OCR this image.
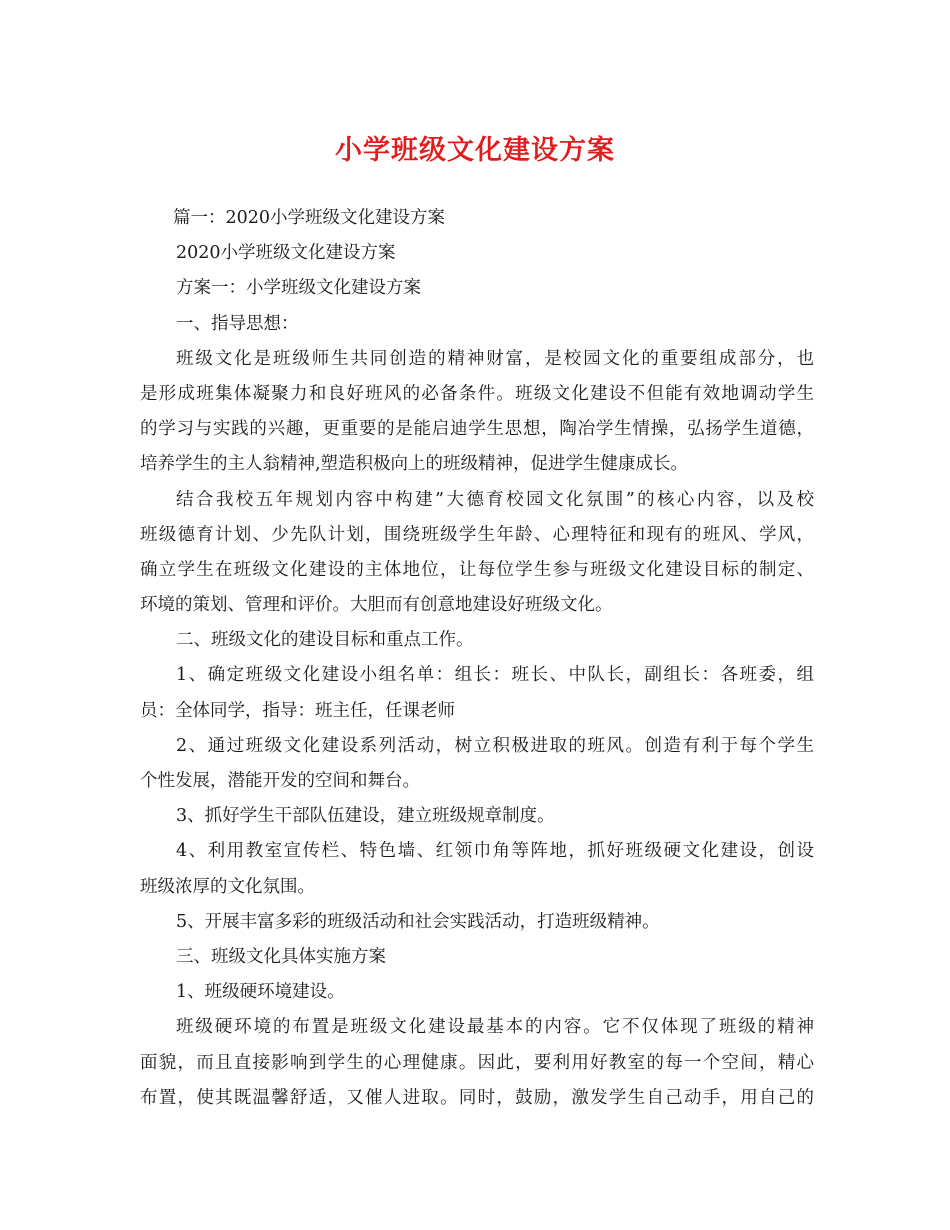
小学班级文化建设方案
篇一：2020小学班级文化建设方案
2020小学班级文化建设方案
方案一：小学班级文化建设方案
一、指导思想：
班级文化是班级师生共同创造的精神财富，是校园文化的重要组成部分，也
是形成班集体凝聚力和良好班风的必备条件。班级文化建设不但能有效地调动学生
的学习与实践的兴趣，更重要的是能启迪学生思想，陶冶学生情操，弘扬学生道德，
培养学生的主人翁精神,塑造积极向上的班级精神，促进学生健康成长。
结合我校五年规划内容中构建”大德育校园文化氛围”的核心内容，以及校
班级德育计划、少先队计划，围绕班级学生年龄、心理特征和现有的班风、学风，
确立学生在班级文化建设的主体地位，让每位学生参与班级文化建设目标的制定、
环境的策划、管理和评价。大胆而有创意地建设好班级文化。
二、班级文化的建设目标和重点工作。
1、确定班级文化建设小组名单：组长：班长、中队长，副组长：各班委，组
员：全体同学，指导：班主任，任课老师
2、通过班级文化建设系列活动，树立积极进取的班风。创造有利于每个学生
个性发展，潜能开发的空间和舞台。
3、抓好学生干部队伍建设，建立班级规章制度。
4、利用教室宣传栏、特色墙、红领巾角等阵地，抓好班级硬文化建设，创设
班级浓厚的文化氛围。
5、开展丰富多彩的班级活动和社会实践活动，打造班级精神。
三、班级文化具体实施方案
1、班级硬环境建设。
班级硬环境的布置是班级文化建设最基本的内容。它不仅体现了班级的精神
面貌，而且直接影响到学生的心理健康。因此，要利用好教室的每一个空间，精心
布置，使其既温馨舒适，又催人进取。同时，鼓励，激发学生自己动手，用自己的
